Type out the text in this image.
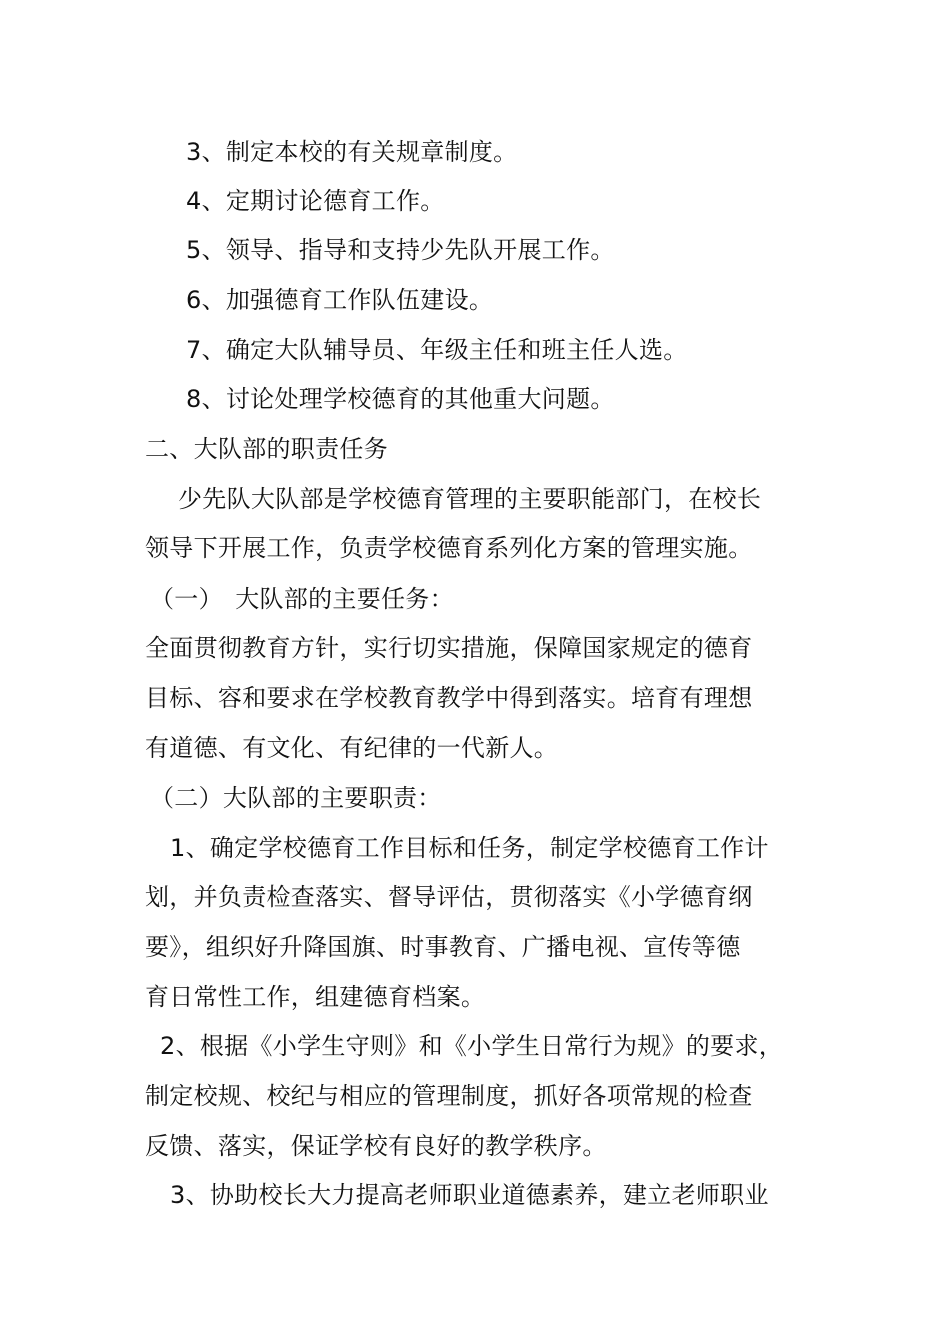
3、制定本校的有关规章制度。
4、定期讨论德育工作。
5、领导、指导和支持少先队开展工作。
6、加强德育工作队伍建设。
7、确定大队辅导员、年级主任和班主任人选。
8、讨论处理学校德育的其他重大问题。
二、大队部的职责任务
少先队大队部是学校德育管理的主要职能部门，在校长
领导下开展工作，负责学校德育系列化方案的管理实施。
（一）　大队部的主要任务：
全面贯彻教育方针，实行切实措施，保障国家规定的德育
目标、容和要求在学校教育教学中得到落实。培育有理想
有道德、有文化、有纪律的一代新人。
（二）大队部的主要职责：
1、确定学校德育工作目标和任务，制定学校德育工作计
划，并负责检查落实、督导评估，贯彻落实《小学德育纲
要》，组织好升降国旗、时事教育、广播电视、宣传等德
育日常性工作，组建德育档案。
2、根据《小学生守则》和《小学生日常行为规》的要求，
制定校规、校纪与相应的管理制度，抓好各项常规的检查
反馈、落实，保证学校有良好的教学秩序。
3、协助校长大力提高老师职业道德素养，建立老师职业
